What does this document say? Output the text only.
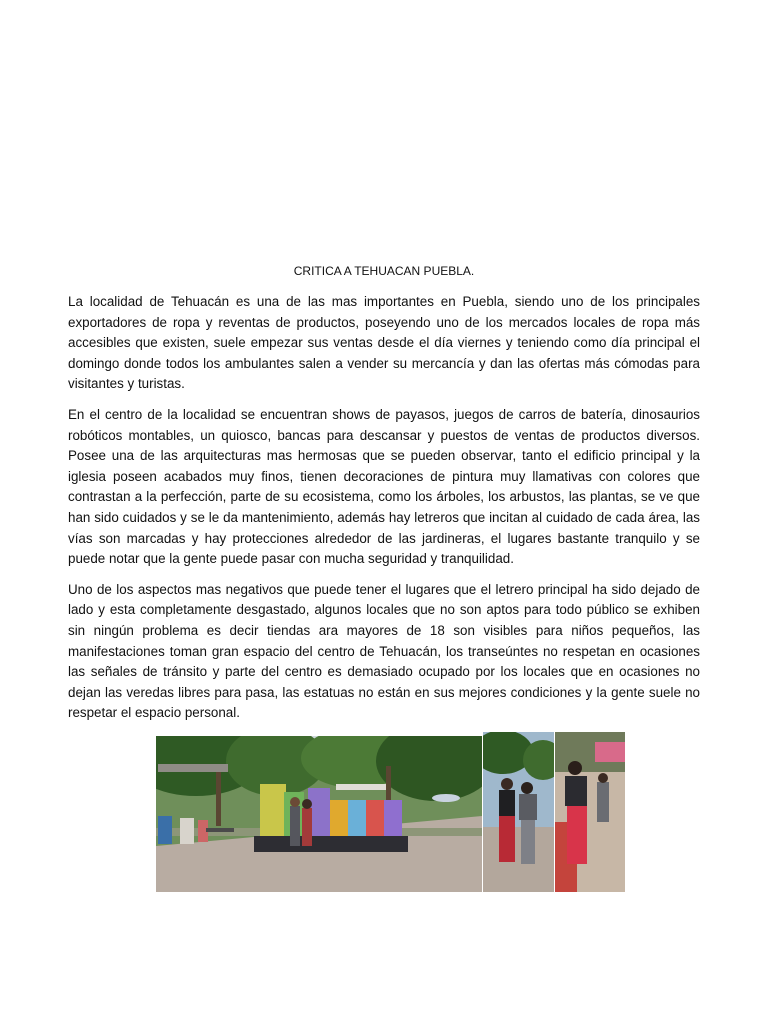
CRITICA A TEHUACAN PUEBLA.

La localidad de Tehuacán es una de las mas importantes en Puebla, siendo uno de los principales exportadores de ropa y reventas de productos, poseyendo uno de los mercados locales de ropa más accesibles que existen, suele empezar sus ventas desde el día viernes y teniendo como día principal el domingo donde todos los ambulantes salen a vender su mercancía y dan las ofertas más cómodas para visitantes y turistas.

En el centro de la localidad se encuentran shows de payasos, juegos de carros de batería, dinosaurios robóticos montables, un quiosco, bancas para descansar y puestos de ventas de productos diversos. Posee una de las arquitecturas mas hermosas que se pueden observar, tanto el edificio principal y la iglesia poseen acabados muy finos, tienen decoraciones de pintura muy llamativas con colores que contrastan a la perfección, parte de su ecosistema, como los árboles, los arbustos, las plantas, se ve que han sido cuidados y se le da mantenimiento, además hay letreros que incitan al cuidado de cada área, las vías son marcadas y hay protecciones alrededor de las jardineras, el lugares bastante tranquilo y se puede notar que la gente puede pasar con mucha seguridad y tranquilidad.

Uno de los aspectos mas negativos que puede tener el lugares que el letrero principal ha sido dejado de lado y esta completamente desgastado, algunos locales que no son aptos para todo público se exhiben sin ningún problema es decir tiendas ara mayores de 18 son visibles para niños pequeños, las manifestaciones toman gran espacio del centro de Tehuacán, los transeúntes no respetan en ocasiones las señales de tránsito y parte del centro es demasiado ocupado por los locales que en ocasiones no dejan las veredas libres para pasa, las estatuas no están en sus mejores condiciones y la gente suele no respetar el espacio personal.
